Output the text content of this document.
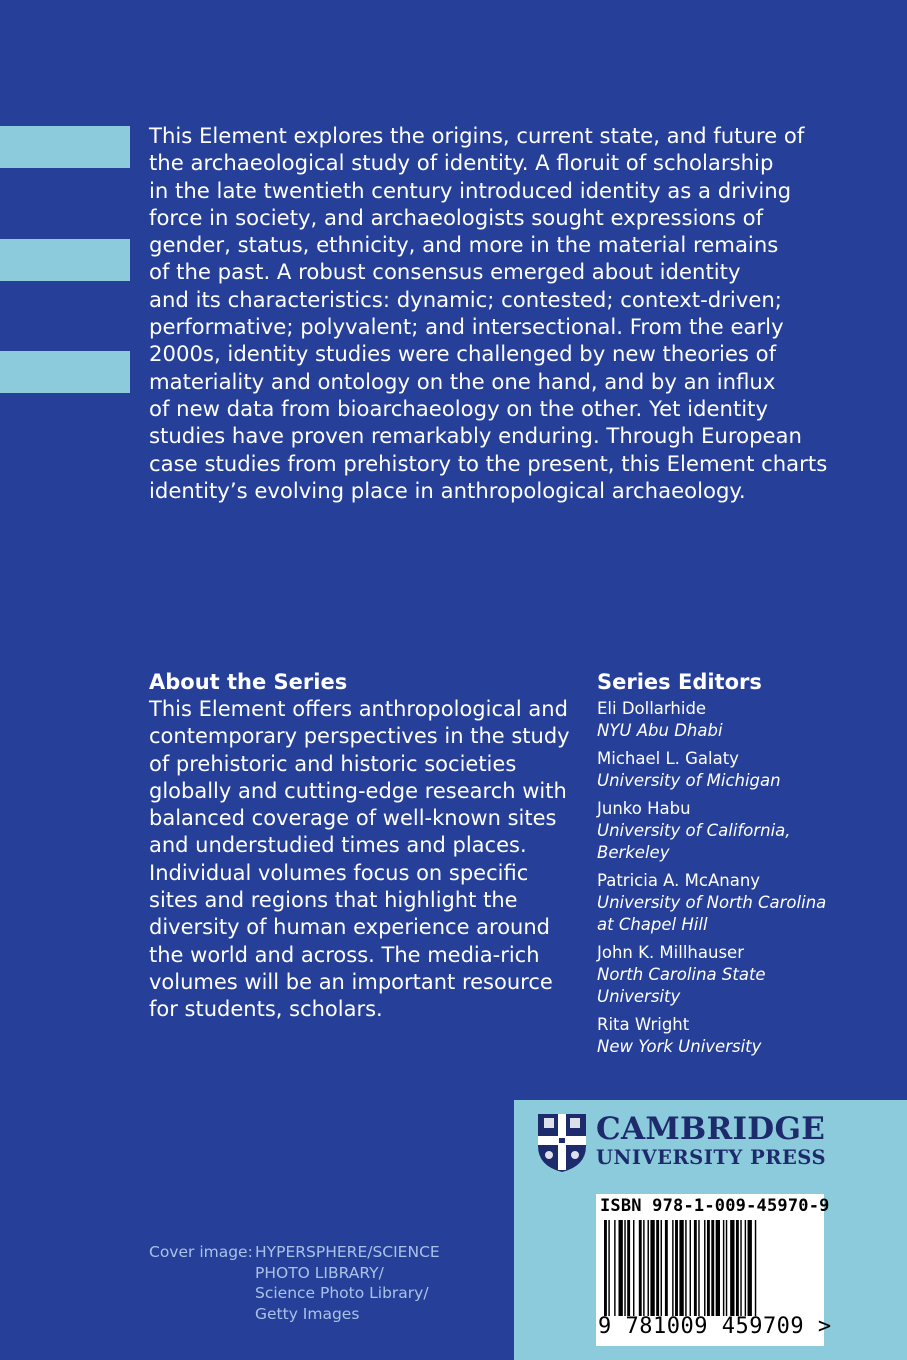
This Element explores the origins, current state, and future of
the archaeological study of identity. A floruit of scholarship
in the late twentieth century introduced identity as a driving
force in society, and archaeologists sought expressions of
gender, status, ethnicity, and more in the material remains
of the past. A robust consensus emerged about identity
and its characteristics: dynamic; contested; context-driven;
performative; polyvalent; and intersectional. From the early
2000s, identity studies were challenged by new theories of
materiality and ontology on the one hand, and by an influx
of new data from bioarchaeology on the other. Yet identity
studies have proven remarkably enduring. Through European
case studies from prehistory to the present, this Element charts
identity’s evolving place in anthropological archaeology.

About the Series

This Element offers anthropological and
contemporary perspectives in the study
of prehistoric and historic societies
globally and cutting-edge research with
balanced coverage of well-known sites
and understudied times and places.
Individual volumes focus on specific
sites and regions that highlight the
diversity of human experience around
the world and across. The media-rich
volumes will be an important resource
for students, scholars.

Series Editors
Eli Dollarhide
NYU Abu Dhabi
Michael L. Galaty
University of Michigan
Junko Habu
University of California,
Berkeley
Patricia A. McAnany
University of North Carolina
at Chapel Hill
John K. Millhauser
North Carolina State
University
Rita Wright
New York University
Cover image: HYPERSPHERE/SCIENCE
PHOTO LIBRARY/
Science Photo Library/
Getty Images
CAMBRIDGE
UNIVERSITY PRESS
ISBN 978-1-009-45970-9
9 781009 459709 >
